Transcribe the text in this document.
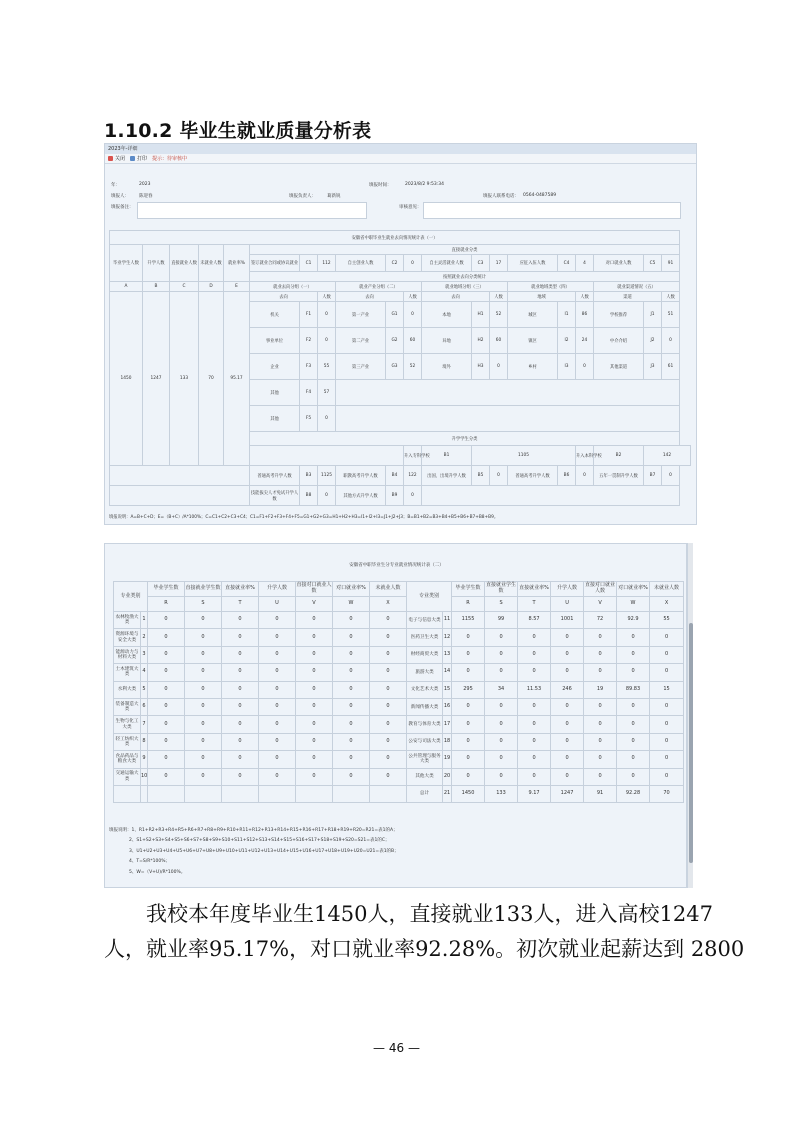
1.10.2 毕业生就业质量分析表
2023年-详细
关闭 打印 提示：待审核中
年：	2023	填报时间：	2023/8/2 9:53:34
填报人： 陈迎春	填报负责人： 葛新锐	填报人联系电话： 0564-0487589
填报备注：	审核意见：
安徽省中职毕业生就业去向情况统计表（一）																			
毕业学生人数	升学人数	直接就业人数	未就业人数	就业率%	直接就业分类														
					签订就业合同或协议就业	C1	112	自主创业人数	C2	0	自主灵活就业人数	C3	17	应征入伍人数	C4	4	对口就业人数	C5	91
					按照就业去向分类统计														
A	B	C	D	E	就业去向分组（一）			就业产业分组（二）			就业地域分组（三）			就业地域类型（四）			就业渠道情况（五）		
1450	1247	133	70	95.17	去向		人数	去向		人数	去向		人数	地域		人数	渠道		人数
					机关	F1	0	第一产业	G1	0	本地	H1	52	城区	I1	86	学校推荐	J1	51
					事业单位	F2	0	第二产业	G2	60	异地	H2	60	镇区	I2	24	中介介绍	J2	0
					企业	F3	55	第三产业	G3	52	境外	H3	0	乡村	I3	0	其他渠道	J3	61
					其他	F4	57												
					其他	F5	0												
					升学学生分类														
										升入专科学校	B1	1105				升入本科学校	B2	142	
					普通高考升学人数	B3	1125	职教高考升学人数	B4	122	出国、出境升学人数	B5	0	普通高考升学人数	B6	0	五年一贯制升学人数	B7	0
					技能拔尖人才免试升学人数	B8	0	其他方式升学人数	B9	0									
填报说明：A=B+C+D；E=（B+C）/A*100%；C=C1+C2+C3+C4；C1=F1+F2+F3+F4+F5=G1+G2+G3=H1+H2+H3=I1+I2+I3=J1+J2+J3；B=B1+B2=B3+B4+B5+B6+B7+B8+B9。
安徽省中职毕业生分专业就业情况统计表（二）
专业类别		毕业学生数	直接就业学生数	直接就业率%	升学人数	直接对口就业人数	对口就业率%	未就业人数	专业类别		毕业学生数	直接就业学生数	直接就业率%	升学人数	直接对口就业人数	对口就业率%	未就业人数
		R	S	T	U	V	W	X			R	S	T	U	V	W	X
农林牧渔大类	1	0	0	0	0	0	0	0	电子与信息大类	11	1155	99	8.57	1001	72	92.9	55
资源环境与安全大类	2	0	0	0	0	0	0	0	医药卫生大类	12	0	0	0	0	0	0	0
能源动力与材料大类	3	0	0	0	0	0	0	0	财经商贸大类	13	0	0	0	0	0	0	0
土木建筑大类	4	0	0	0	0	0	0	0	旅游大类	14	0	0	0	0	0	0	0
水利大类	5	0	0	0	0	0	0	0	文化艺术大类	15	295	34	11.53	246	19	89.83	15
装备制造大类	6	0	0	0	0	0	0	0	新闻传播大类	16	0	0	0	0	0	0	0
生物与化工大类	7	0	0	0	0	0	0	0	教育与体育大类	17	0	0	0	0	0	0	0
轻工纺织大类	8	0	0	0	0	0	0	0	公安与司法大类	18	0	0	0	0	0	0	0
食品药品与粮食大类	9	0	0	0	0	0	0	0	公共管理与服务大类	19	0	0	0	0	0	0	0
交通运输大类	10	0	0	0	0	0	0	0	其他大类	20	0	0	0	0	0	0	0
									总计	21	1450	133	9.17	1247	91	92.28	70
填报说明：1、R1+R2+R3+R4+R5+R6+R7+R8+R9+R10+R11+R12+R13+R14+R15+R16+R17+R18+R19+R20=R21=表1的A；
2、S1+S2+S3+S4+S5+S6+S7+S8+S9+S10+S11+S12+S13+S14+S15+S16+S17+S18+S19+S20=S21=表1的C；
3、U1+U2+U3+U4+U5+U6+U7+U8+U9+U10+U11+U12+U13+U14+U15+U16+U17+U18+U19+U20=U21=表1的B；
4、T=S/R*100%；
5、W=（V+U)/R*100%。
我校本年度毕业生1450人，直接就业133人，进入高校1247
人，就业率95.17%，对口就业率92.28%。初次就业起薪达到 2800
— 46 —
